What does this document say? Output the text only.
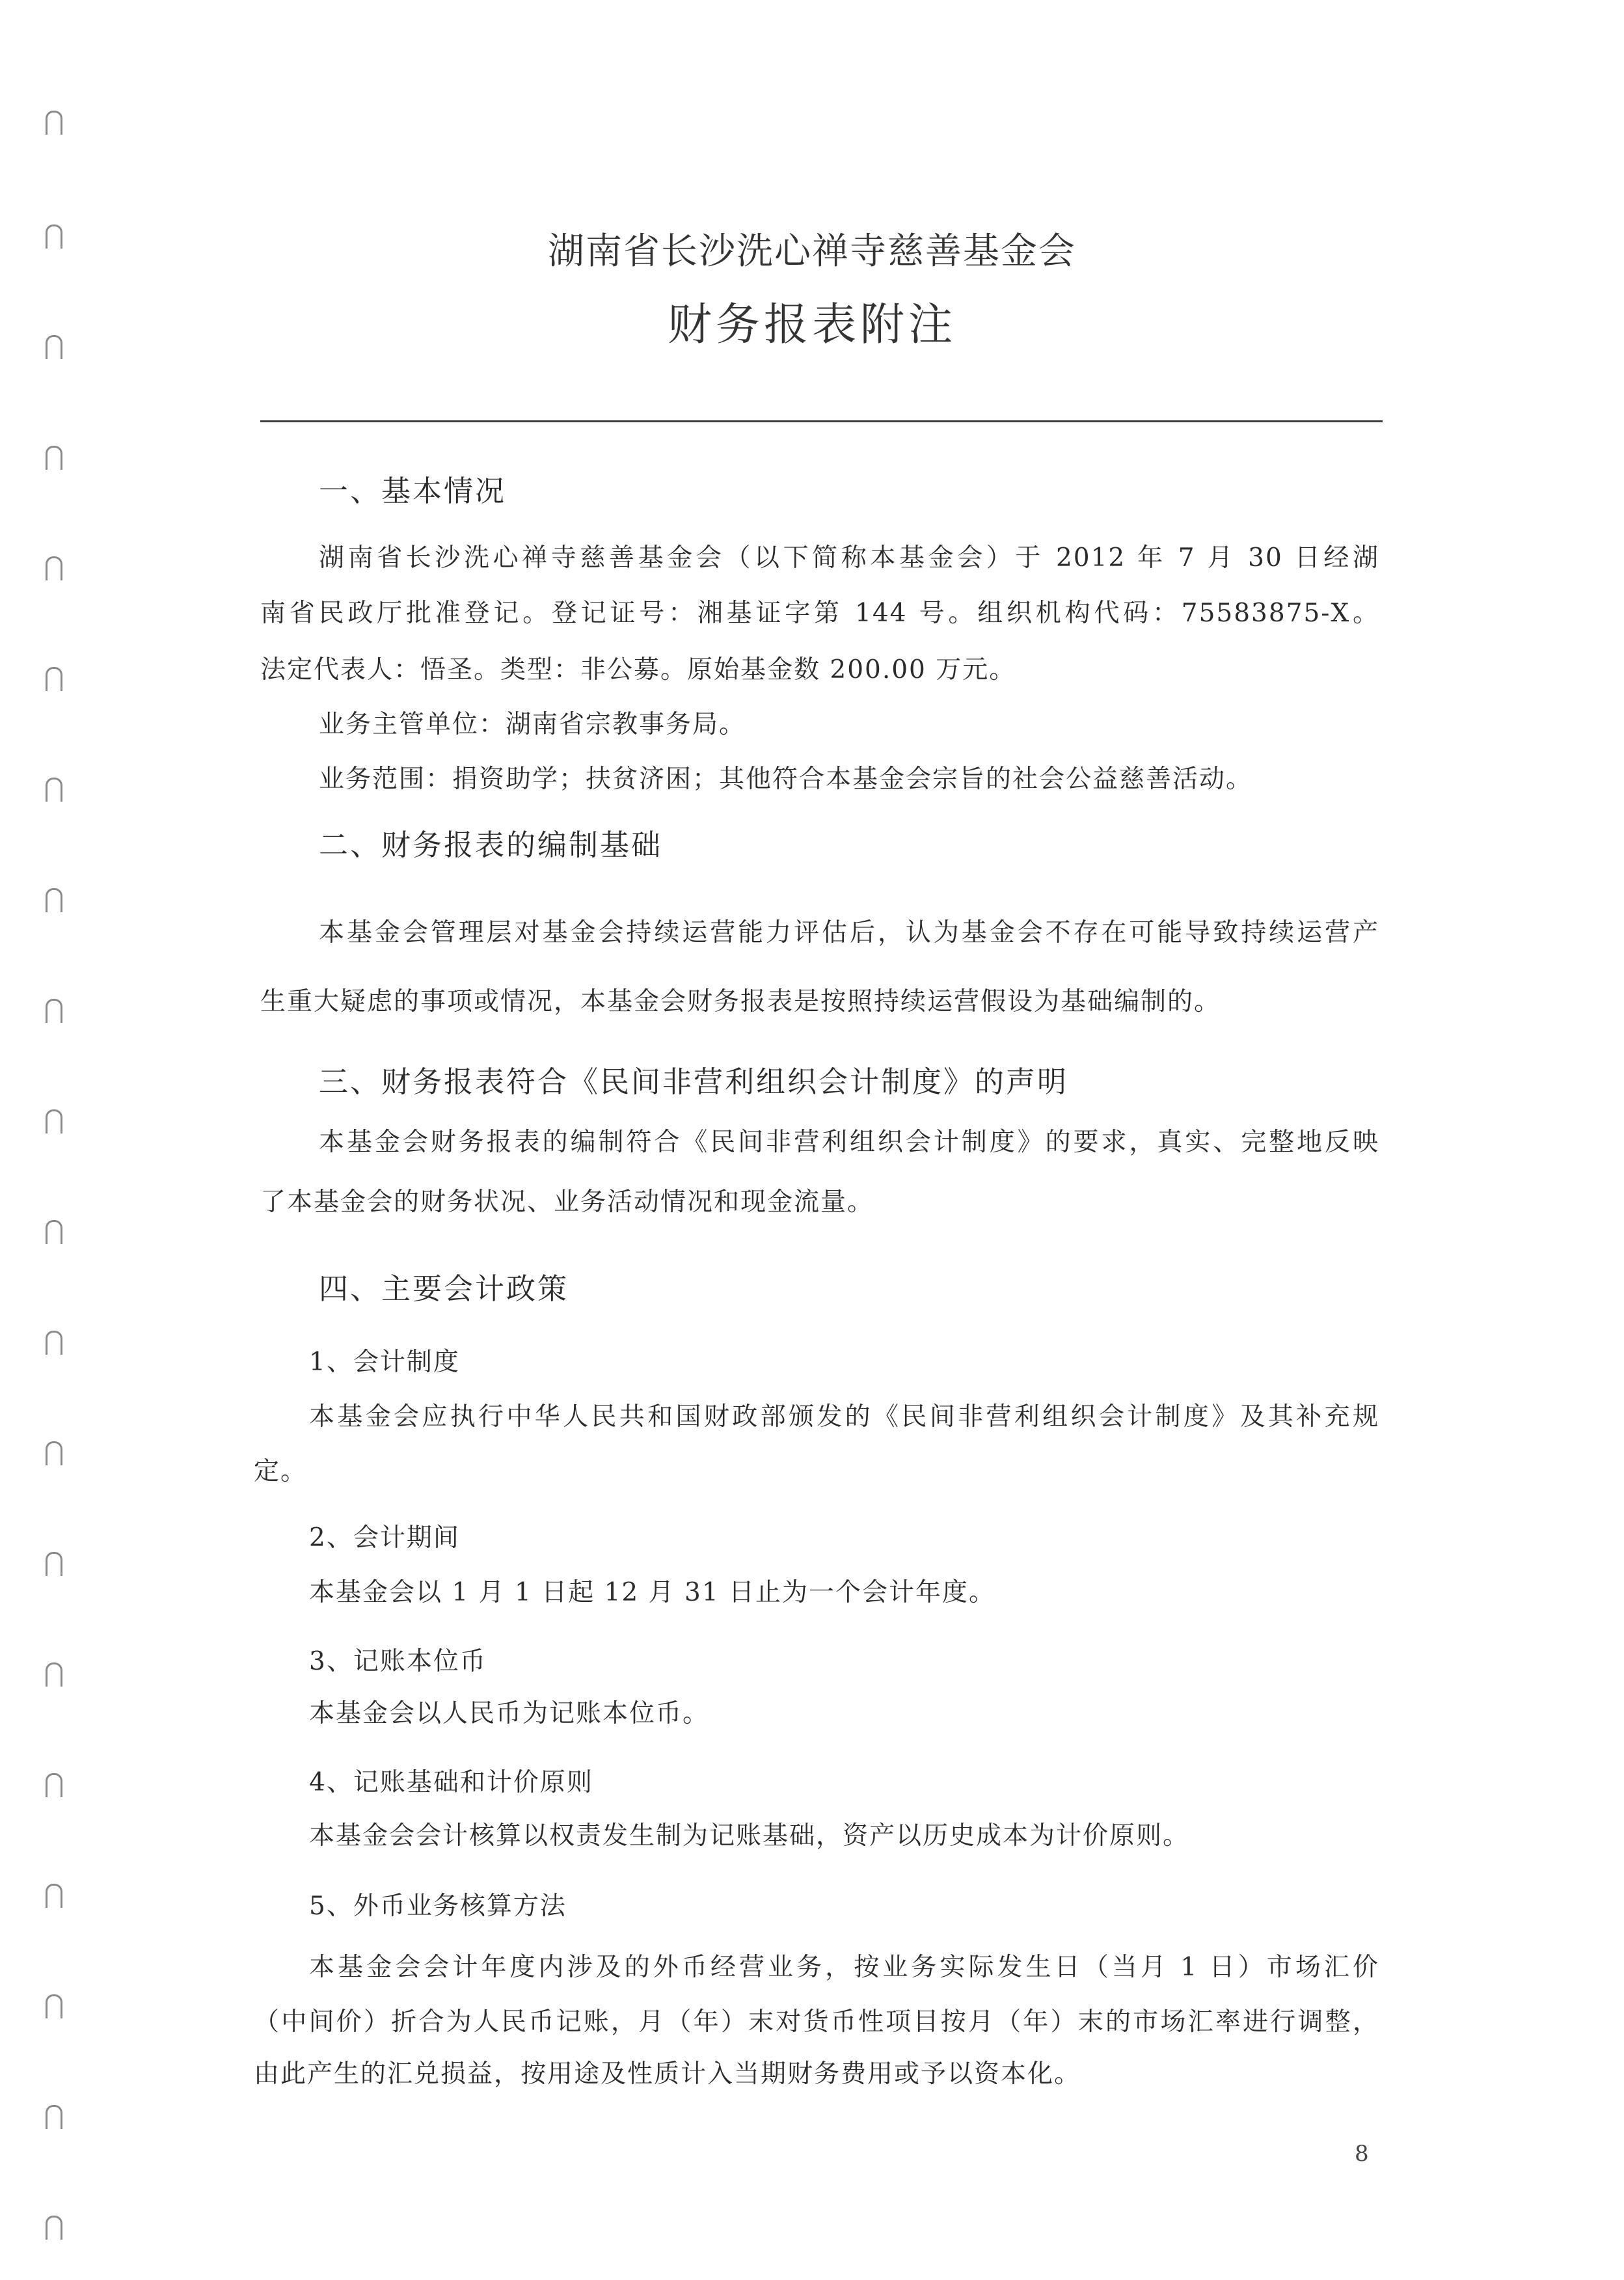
湖南省长沙洗心禅寺慈善基金会
财务报表附注
一、基本情况
湖南省长沙洗心禅寺慈善基金会（以下简称本基金会）于 2012 年 7 月 30 日经湖
南省民政厅批准登记。登记证号：湘基证字第 144 号。组织机构代码：75583875-X。
法定代表人：悟圣。类型：非公募。原始基金数 200.00 万元。
业务主管单位：湖南省宗教事务局。
业务范围：捐资助学；扶贫济困；其他符合本基金会宗旨的社会公益慈善活动。
二、财务报表的编制基础
本基金会管理层对基金会持续运营能力评估后，认为基金会不存在可能导致持续运营产
生重大疑虑的事项或情况，本基金会财务报表是按照持续运营假设为基础编制的。
三、财务报表符合《民间非营利组织会计制度》的声明
本基金会财务报表的编制符合《民间非营利组织会计制度》的要求，真实、完整地反映
了本基金会的财务状况、业务活动情况和现金流量。
四、主要会计政策
1、会计制度
本基金会应执行中华人民共和国财政部颁发的《民间非营利组织会计制度》及其补充规
定。
2、会计期间
本基金会以 1 月 1 日起 12 月 31 日止为一个会计年度。
3、记账本位币
本基金会以人民币为记账本位币。
4、记账基础和计价原则
本基金会会计核算以权责发生制为记账基础，资产以历史成本为计价原则。
5、外币业务核算方法
本基金会会计年度内涉及的外币经营业务，按业务实际发生日（当月 1 日）市场汇价
（中间价）折合为人民币记账，月（年）末对货币性项目按月（年）末的市场汇率进行调整，
由此产生的汇兑损益，按用途及性质计入当期财务费用或予以资本化。
8
